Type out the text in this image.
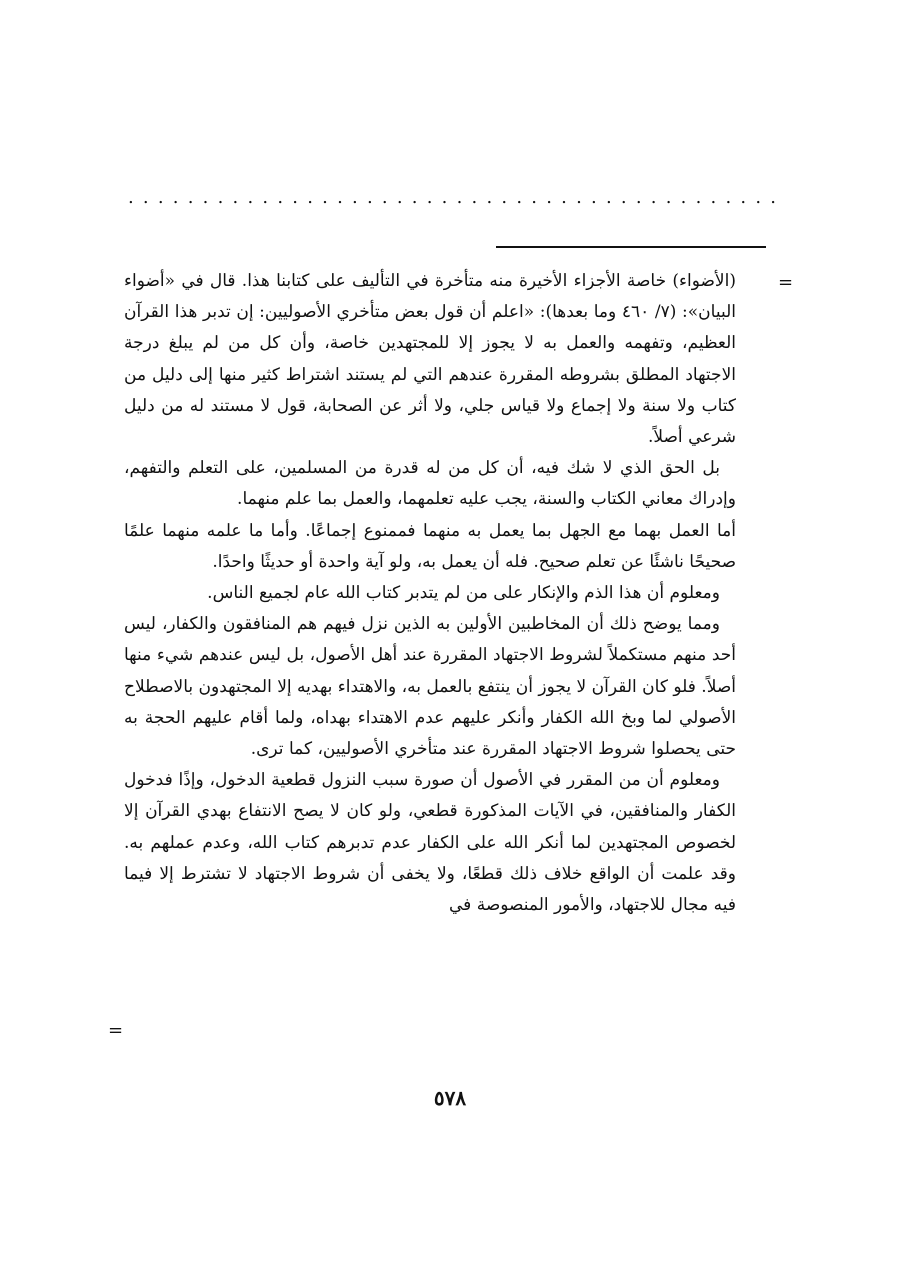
. . . . . . . . . . . . . . . . . . . . . . . . . . . . . . . . . . . . . . . . . . . .
=

(الأضواء) خاصة الأجزاء الأخيرة منه متأخرة في التأليف على كتابنا هذا. قال في «أضواء البيان»: (٧/ ٤٦٠ وما بعدها): «اعلم أن قول بعض متأخري الأصوليين: إن تدبر هذا القرآن العظيم، وتفهمه والعمل به لا يجوز إلا للمجتهدين خاصة، وأن كل من لم يبلغ درجة الاجتهاد المطلق بشروطه المقررة عندهم التي لم يستند اشتراط كثير منها إلى دليل من كتاب ولا سنة ولا إجماع ولا قياس جلي، ولا أثر عن الصحابة، قول لا مستند له من دليل شرعي أصلاً.

بل الحق الذي لا شك فيه، أن كل من له قدرة من المسلمين، على التعلم والتفهم، وإدراك معاني الكتاب والسنة، يجب عليه تعلمهما، والعمل بما علم منهما.

أما العمل بهما مع الجهل بما يعمل به منهما فممنوع إجماعًا. وأما ما علمه منهما علمًا صحيحًا ناشئًا عن تعلم صحيح. فله أن يعمل به، ولو آية واحدة أو حديثًا واحدًا.

ومعلوم أن هذا الذم والإنكار على من لم يتدبر كتاب الله عام لجميع الناس.

ومما يوضح ذلك أن المخاطبين الأولين به الذين نزل فيهم هم المنافقون والكفار، ليس أحد منهم مستكملاً لشروط الاجتهاد المقررة عند أهل الأصول، بل ليس عندهم شيء منها أصلاً. فلو كان القرآن لا يجوز أن ينتفع بالعمل به، والاهتداء بهديه إلا المجتهدون بالاصطلاح الأصولي لما وبخ الله الكفار وأنكر عليهم عدم الاهتداء بهداه، ولما أقام عليهم الحجة به حتى يحصلوا شروط الاجتهاد المقررة عند متأخري الأصوليين، كما ترى.

ومعلوم أن من المقرر في الأصول أن صورة سبب النزول قطعية الدخول، وإذًا فدخول الكفار والمنافقين، في الآيات المذكورة قطعي، ولو كان لا يصح الانتفاع بهدي القرآن إلا لخصوص المجتهدين لما أنكر الله على الكفار عدم تدبرهم كتاب الله، وعدم عملهم به. وقد علمت أن الواقع خلاف ذلك قطعًا، ولا يخفى أن شروط الاجتهاد لا تشترط إلا فيما فيه مجال للاجتهاد، والأمور المنصوصة في

=
٥٧٨
